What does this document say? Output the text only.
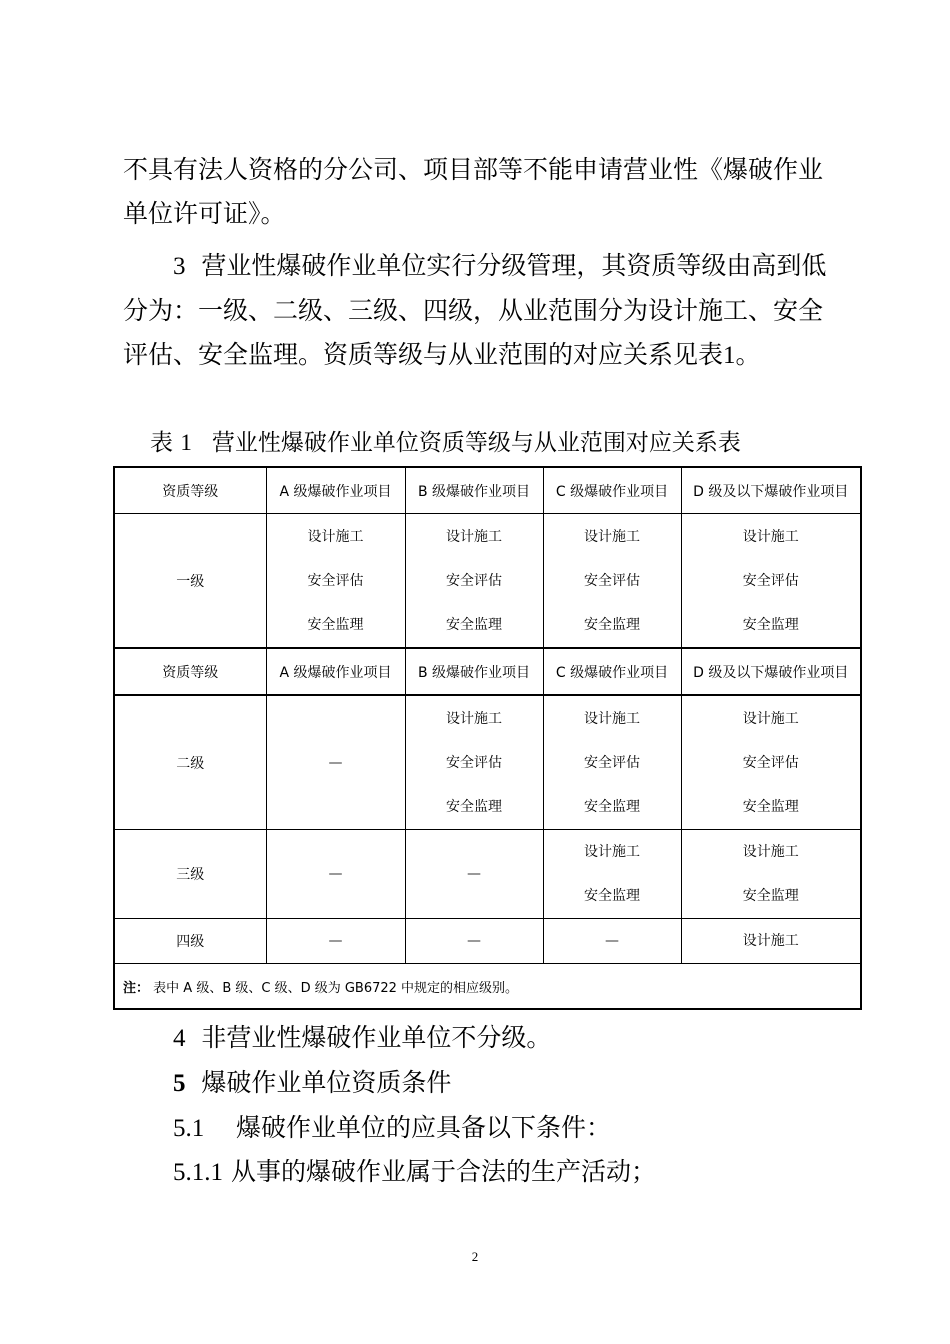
不具有法人资格的分公司、项目部等不能申请营业性《爆破作业
单位许可证》。
3 营业性爆破作业单位实行分级管理，其资质等级由高到低
分为：一级、二级、三级、四级，从业范围分为设计施工、安全
评估、安全监理。资质等级与从业范围的对应关系见表1。
表 1 营业性爆破作业单位资质等级与从业范围对应关系表
资质等级	A 级爆破作业项目	B 级爆破作业项目	C 级爆破作业项目	D 级及以下爆破作业项目
一级	设计施工
安全评估
安全监理	设计施工
安全评估
安全监理	设计施工
安全评估
安全监理	设计施工
安全评估
安全监理

资质等级	A 级爆破作业项目	B 级爆破作业项目	C 级爆破作业项目	D 级及以下爆破作业项目
二级	—	设计施工
安全评估
安全监理	设计施工
安全评估
安全监理	设计施工
安全评估
安全监理

三级	—	—	设计施工
安全监理	设计施工
安全监理

四级	—	—	—	设计施工

注： 表中 A 级、B 级、C 级、D 级为 GB6722 中规定的相应级别。				
4 非营业性爆破作业单位不分级。
5 爆破作业单位资质条件
5.1 爆破作业单位的应具备以下条件：
5.1.1 从事的爆破作业属于合法的生产活动；
2
